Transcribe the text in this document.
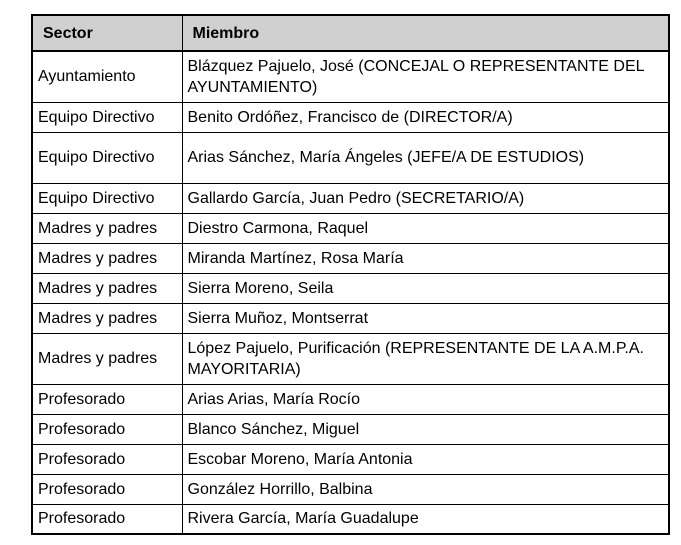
Sector	Miembro
Ayuntamiento	Blázquez Pajuelo, José (CONCEJAL O REPRESENTANTE DEL AYUNTAMIENTO)
Equipo Directivo	Benito Ordóñez, Francisco de (DIRECTOR/A)
Equipo Directivo	Arias Sánchez, María Ángeles (JEFE/A DE ESTUDIOS)
Equipo Directivo	Gallardo García, Juan Pedro (SECRETARIO/A)
Madres y padres	Diestro Carmona, Raquel
Madres y padres	Miranda Martínez, Rosa María
Madres y padres	Sierra Moreno, Seila
Madres y padres	Sierra Muñoz, Montserrat
Madres y padres	López Pajuelo, Purificación (REPRESENTANTE DE LA A.M.P.A. MAYORITARIA)
Profesorado	Arias Arias, María Rocío
Profesorado	Blanco Sánchez, Miguel
Profesorado	Escobar Moreno, María Antonia
Profesorado	González Horrillo, Balbina
Profesorado	Rivera García, María Guadalupe
